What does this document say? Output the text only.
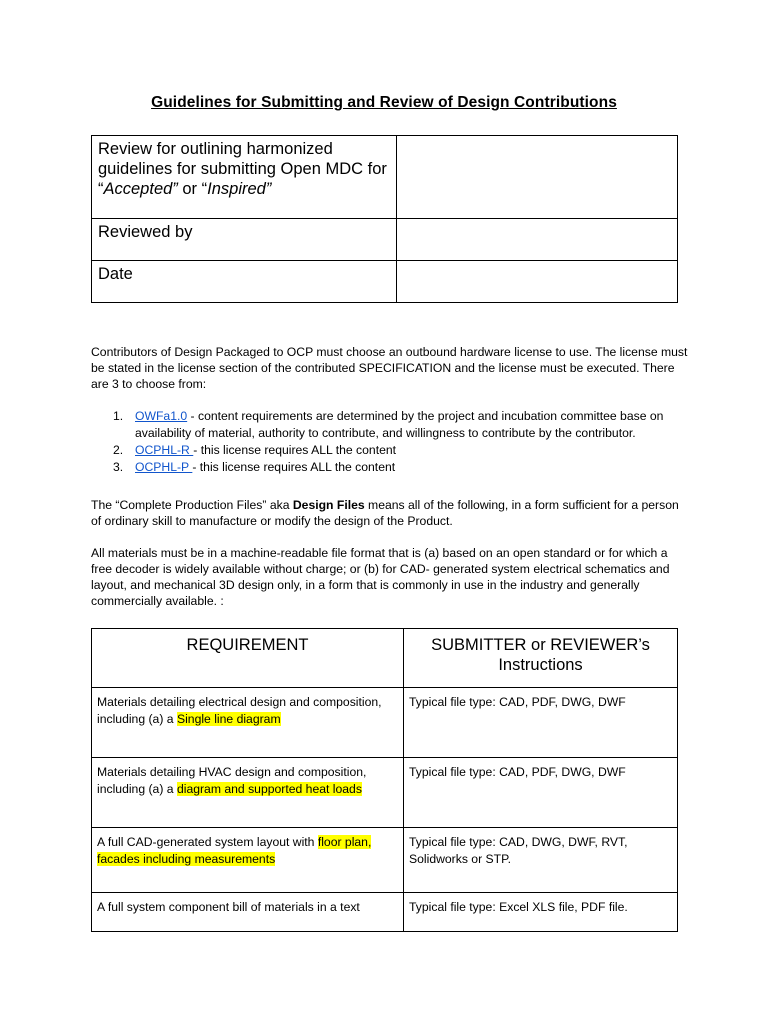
Guidelines for Submitting and Review of Design Contributions
Review for outlining harmonized guidelines for submitting Open MDC for “Accepted” or “Inspired”	
Reviewed by	
Date	
Contributors of Design Packaged to OCP must choose an outbound hardware license to use. The license must be stated in the license section of the contributed SPECIFICATION and the license must be executed. There are 3 to choose from:
1. OWFa1.0 - content requirements are determined by the project and incubation committee base on availability of material, authority to contribute, and willingness to contribute by the contributor.
2. OCPHL-R - this license requires ALL the content
3. OCPHL-P - this license requires ALL the content
The “Complete Production Files” aka Design Files means all of the following, in a form sufficient for a person of ordinary skill to manufacture or modify the design of the Product.
All materials must be in a machine-readable file format that is (a) based on an open standard or for which a free decoder is widely available without charge; or (b) for CAD- generated system electrical schematics and layout, and mechanical 3D design only, in a form that is commonly in use in the industry and generally commercially available. :
REQUIREMENT	SUBMITTER or REVIEWER’s Instructions
Materials detailing electrical design and composition, including (a) a Single line diagram	Typical file type: CAD, PDF, DWG, DWF
Materials detailing HVAC design and composition, including (a) a diagram and supported heat loads	Typical file type: CAD, PDF, DWG, DWF
A full CAD-generated system layout with floor plan, facades including measurements	Typical file type: CAD, DWG, DWF, RVT, Solidworks or STP.
A full system component bill of materials in a text	Typical file type: Excel XLS file, PDF file.
